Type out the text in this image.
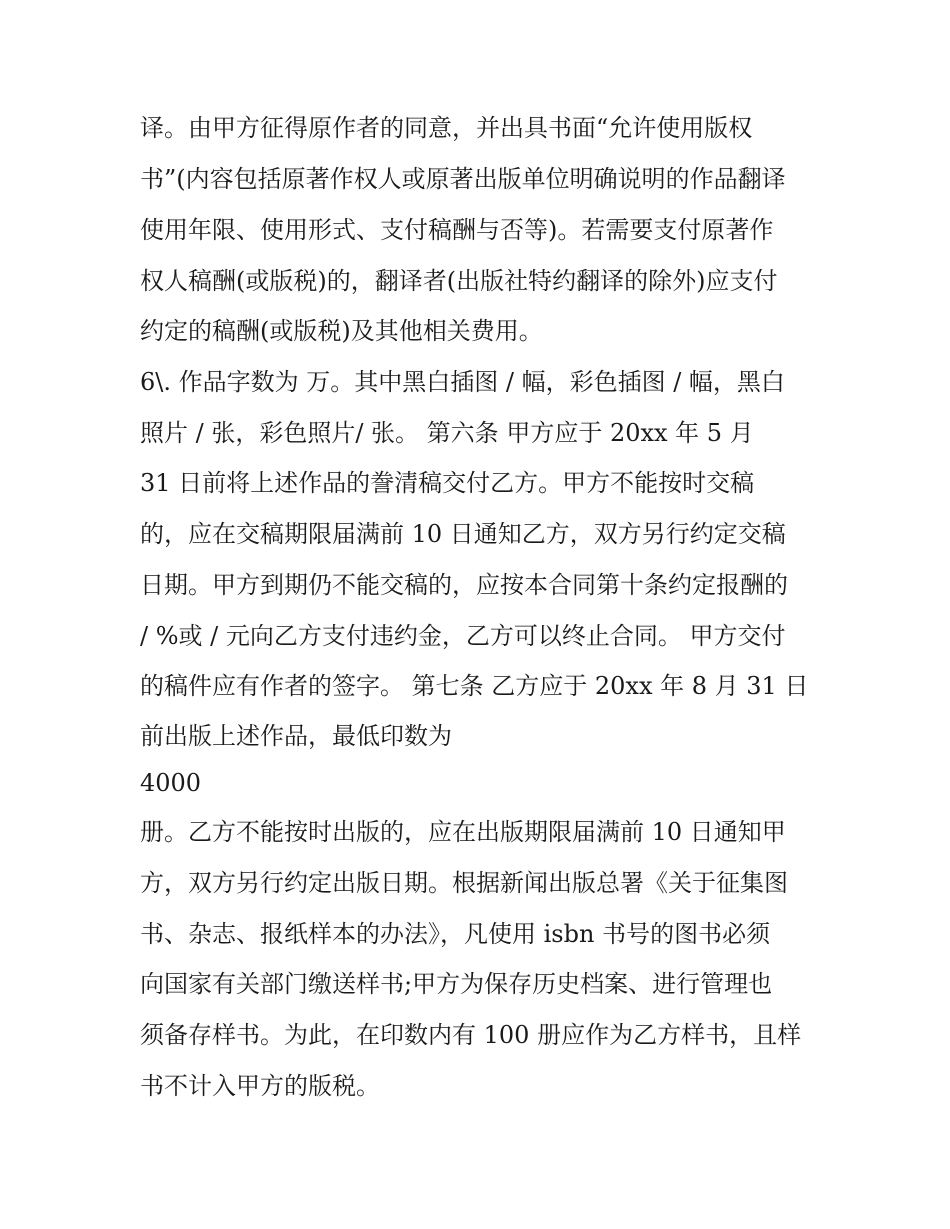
译。由甲方征得原作者的同意，并出具书面“允许使用版权
书”(内容包括原著作权人或原著出版单位明确说明的作品翻译
使用年限、使用形式、支付稿酬与否等)。若需要支付原著作
权人稿酬(或版税)的，翻译者(出版社特约翻译的除外)应支付
约定的稿酬(或版税)及其他相关费用。
6\. 作品字数为 万。其中黑白插图 / 幅，彩色插图 / 幅，黑白
照片 / 张，彩色照片/ 张。 第六条 甲方应于 20xx 年 5 月
31 日前将上述作品的誊清稿交付乙方。甲方不能按时交稿
的，应在交稿期限届满前 10 日通知乙方，双方另行约定交稿
日期。甲方到期仍不能交稿的，应按本合同第十条约定报酬的
/ %或 / 元向乙方支付违约金，乙方可以终止合同。 甲方交付
的稿件应有作者的签字。 第七条 乙方应于 20xx 年 8 月 31 日
前出版上述作品，最低印数为
4000
册。乙方不能按时出版的，应在出版期限届满前 10 日通知甲
方，双方另行约定出版日期。根据新闻出版总署《关于征集图
书、杂志、报纸样本的办法》，凡使用 isbn 书号的图书必须
向国家有关部门缴送样书;甲方为保存历史档案、进行管理也
须备存样书。为此，在印数内有 100 册应作为乙方样书，且样
书不计入甲方的版税。
